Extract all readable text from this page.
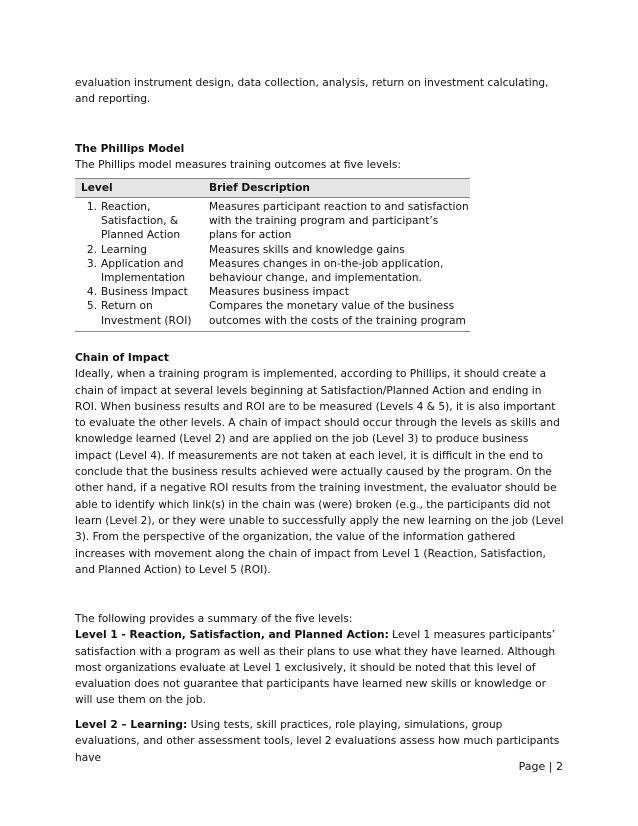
evaluation instrument design, data collection, analysis, return on investment calculating, and reporting.

The Phillips Model

The Phillips model measures training outcomes at five levels:

Level		Brief Description
1.	Reaction, Satisfaction, & Planned Action	Measures participant reaction to and satisfaction with the training program and participant’s plans for action
2.	Learning	Measures skills and knowledge gains
3.	Application and Implementation	Measures changes in on-the-job application, behaviour change, and implementation.
4.	Business Impact	Measures business impact
5.	Return on Investment (ROI)	Compares the monetary value of the business outcomes with the costs of the training program

Chain of Impact

Ideally, when a training program is implemented, according to Phillips, it should create a chain of impact at several levels beginning at Satisfaction/Planned Action and ending in ROI. When business results and ROI are to be measured (Levels 4 & 5), it is also important to evaluate the other levels. A chain of impact should occur through the levels as skills and knowledge learned (Level 2) and are applied on the job (Level 3) to produce business impact (Level 4). If measurements are not taken at each level, it is difficult in the end to conclude that the business results achieved were actually caused by the program. On the other hand, if a negative ROI results from the training investment, the evaluator should be able to identify which link(s) in the chain was (were) broken (e.g., the participants did not learn (Level 2), or they were unable to successfully apply the new learning on the job (Level 3). From the perspective of the organization, the value of the information gathered increases with movement along the chain of impact from Level 1 (Reaction, Satisfaction, and Planned Action) to Level 5 (ROI).

The following provides a summary of the five levels:

Level 1 - Reaction, Satisfaction, and Planned Action: Level 1 measures participants’ satisfaction with a program as well as their plans to use what they have learned. Although most organizations evaluate at Level 1 exclusively, it should be noted that this level of evaluation does not guarantee that participants have learned new skills or knowledge or will use them on the job.

Level 2 – Learning: Using tests, skill practices, role playing, simulations, group evaluations, and other assessment tools, level 2 evaluations assess how much participants have

Page | 2
